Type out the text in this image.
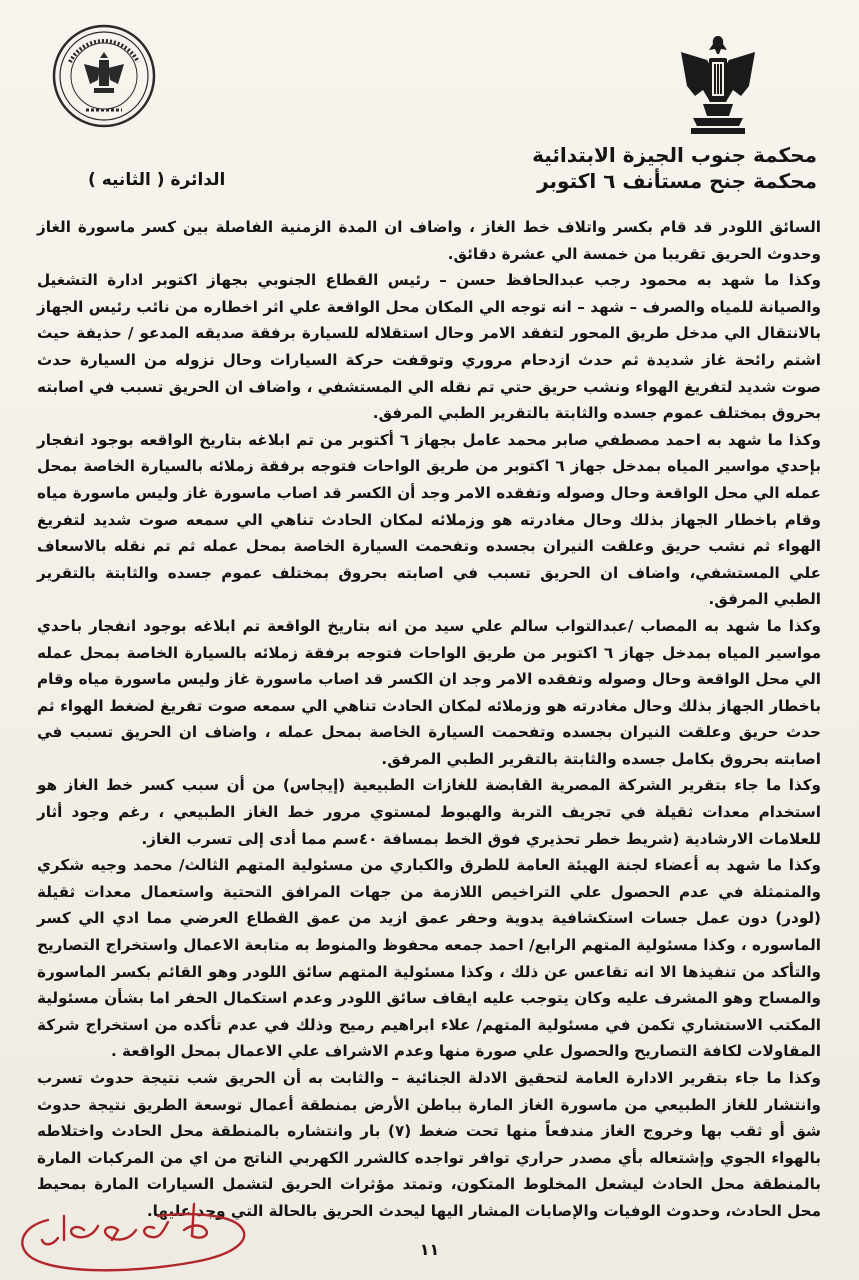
محكمة جنوب الجيزة الابتدائية
محكمة جنح مستأنف ٦ اكتوبر
الدائرة ( الثانيه )

السائق اللودر قد قام بكسر واتلاف خط الغاز ، واضاف ان المدة الزمنية الفاصلة بين كسر ماسورة الغاز وحدوث الحريق تقريبا من خمسة الي عشرة دقائق.

وكذا ما شهد به محمود رجب عبدالحافظ حسن – رئيس القطاع الجنوبي بجهاز اكتوبر ادارة التشغيل والصيانة للمياه والصرف – شهد – انه توجه الي المكان محل الواقعة علي اثر اخطاره من نائب رئيس الجهاز بالانتقال الي مدخل طريق المحور لتفقد الامر وحال استقلاله للسيارة برفقة صديقه المدعو / حذيفة حيث اشتم رائحة غاز شديدة ثم حدث ازدحام مروري وتوقفت حركة السيارات وحال نزوله من السيارة حدث صوت شديد لتفريغ الهواء ونشب حريق حتي تم نقله الي المستشفي ، واضاف ان الحريق تسبب في اصابته بحروق بمختلف عموم جسده والثابتة بالتقرير الطبي المرفق.

وكذا ما شهد به احمد مصطفي صابر محمد عامل بجهاز ٦ أكتوبر من تم ابلاغه بتاريخ الواقعه بوجود انفجار بإحدي مواسير المياه بمدخل جهاز ٦ اكتوبر من طريق الواحات فتوجه برفقة زملائه بالسيارة الخاصة بمحل عمله الي محل الواقعة وحال وصوله وتفقده الامر وجد أن الكسر قد اصاب ماسورة غاز وليس ماسورة مياه وقام باخطار الجهاز بذلك وحال مغادرته هو وزملائه لمكان الحادث تناهي الي سمعه صوت شديد لتفريغ الهواء ثم نشب حريق وعلقت النيران بجسده وتفحمت السيارة الخاصة بمحل عمله ثم تم نقله بالاسعاف علي المستشفي، واضاف ان الحريق تسبب في اصابته بحروق بمختلف عموم جسده والثابتة بالتقرير الطبي المرفق.

وكذا ما شهد به المصاب /عبدالتواب سالم علي سيد من انه بتاريخ الواقعة تم ابلاغه بوجود انفجار باحدي مواسير المياه بمدخل جهاز ٦ اكتوبر من طريق الواحات فتوجه برفقة زملائه بالسيارة الخاصة بمحل عمله الي محل الواقعة وحال وصوله وتفقده الامر وجد ان الكسر قد اصاب ماسورة غاز وليس ماسورة مياه وقام باخطار الجهاز بذلك وحال مغادرته هو وزملائه لمكان الحادث تناهي الي سمعه صوت تفريغ لضغط الهواء ثم حدث حريق وعلقت النيران بجسده وتفحمت السيارة الخاصة بمحل عمله ، واضاف ان الحريق تسبب في اصابته بحروق بكامل جسده والثابتة بالتقرير الطبي المرفق.

وكذا ما جاء بتقرير الشركة المصرية القابضة للغازات الطبيعية (إيجاس) من أن سبب كسر خط الغاز هو استخدام معدات ثقيلة في تجريف التربة والهبوط لمستوي مرور خط الغاز الطبيعي ، رغم وجود أثار للعلامات الارشادية (شريط خطر تحذيري فوق الخط بمسافة ٤٠سم مما أدى إلى تسرب الغاز.

وكذا ما شهد به أعضاء لجنة الهيئة العامة للطرق والكباري من مسئولية المتهم الثالث/ محمد وجيه شكري والمتمثلة في عدم الحصول علي التراخيص اللازمة من جهات المرافق التحتية واستعمال معدات ثقيلة (لودر) دون عمل جسات استكشافية يدوية وحفر عمق ازيد من عمق القطاع العرضي مما ادي الي كسر الماسوره ، وكذا مسئولية المتهم الرابع/ احمد جمعه محفوظ والمنوط به متابعة الاعمال واستخراج التصاريح والتأكد من تنفيذها الا انه تقاعس عن ذلك ، وكذا مسئولية المتهم سائق اللودر وهو القائم بكسر الماسورة والمساح وهو المشرف عليه وكان يتوجب عليه ايقاف سائق اللودر وعدم استكمال الحفر اما بشأن مسئولية المكتب الاستشاري تكمن في مسئولية المتهم/ علاء ابراهيم رميح وذلك في عدم تأكده من استخراج شركة المقاولات لكافة التصاريح والحصول علي صورة منها وعدم الاشراف علي الاعمال بمحل الواقعة .

وكذا ما جاء بتقرير الادارة العامة لتحقيق الادلة الجنائية – والثابت به أن الحريق شب نتيجة حدوث تسرب وانتشار للغاز الطبيعي من ماسورة الغاز المارة بباطن الأرض بمنطقة أعمال توسعة الطريق نتيجة حدوث شق أو ثقب بها وخروج الغاز مندفعاً منها تحت ضغط (٧) بار وانتشاره بالمنطقة محل الحادث واختلاطه بالهواء الجوي وإشتعاله بأي مصدر حراري توافر تواجده كالشرر الكهربي الناتج من اي من المركبات المارة بالمنطقة محل الحادث ليشعل المخلوط المتكون، وتمتد مؤثرات الحريق لتشمل السيارات المارة بمحيط محل الحادث، وحدوث الوفيات والإصابات المشار اليها ليحدث الحريق بالحالة التي وجد عليها.

١١
